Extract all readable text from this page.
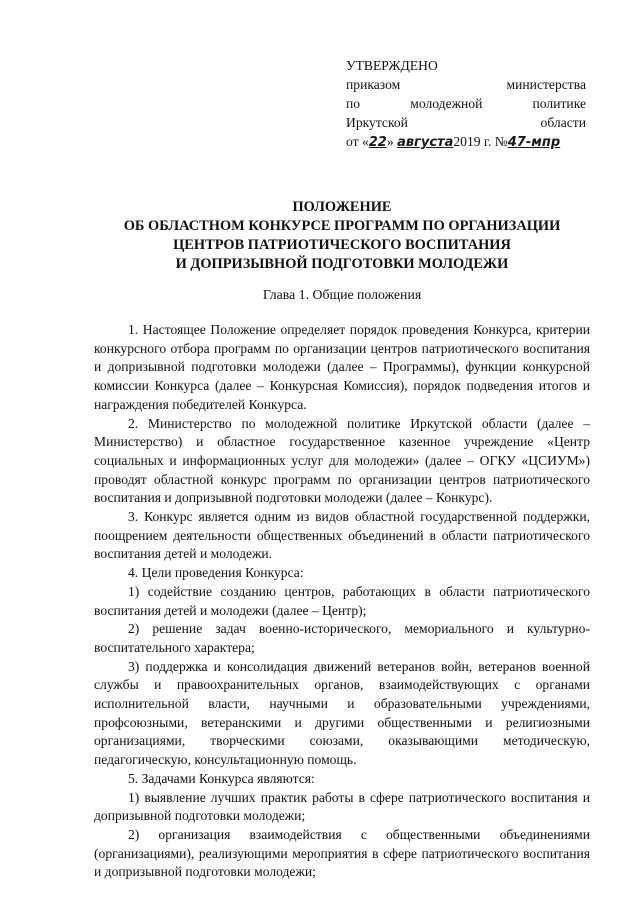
УТВЕРЖДЕНО
приказом министерства
по молодежной политике
Иркутской области
от «22» августа2019 г. №47-мпр
ПОЛОЖЕНИЕ
ОБ ОБЛАСТНОМ КОНКУРСЕ ПРОГРАММ ПО ОРГАНИЗАЦИИ
ЦЕНТРОВ ПАТРИОТИЧЕСКОГО ВОСПИТАНИЯ
И ДОПРИЗЫВНОЙ ПОДГОТОВКИ МОЛОДЕЖИ
Глава 1. Общие положения

1. Настоящее Положение определяет порядок проведения Конкурса, критерии конкурсного отбора программ по организации центров патриотического воспитания и допризывной подготовки молодежи (далее – Программы), функции конкурсной комиссии Конкурса (далее – Конкурсная Комиссия), порядок подведения итогов и награждения победителей Конкурса.

2. Министерство по молодежной политике Иркутской области (далее – Министерство) и областное государственное казенное учреждение «Центр социальных и информационных услуг для молодежи» (далее – ОГКУ «ЦСИУМ») проводят областной конкурс программ по организации центров патриотического воспитания и допризывной подготовки молодежи (далее – Конкурс).

3. Конкурс является одним из видов областной государственной поддержки, поощрением деятельности общественных объединений в области патриотического воспитания детей и молодежи.

4. Цели проведения Конкурса:

1) содействие созданию центров, работающих в области патриотического воспитания детей и молодежи (далее – Центр);

2) решение задач военно-исторического, мемориального и культурно-воспитательного характера;

3) поддержка и консолидация движений ветеранов войн, ветеранов военной службы и правоохранительных органов, взаимодействующих с органами исполнительной власти, научными и образовательными учреждениями, профсоюзными, ветеранскими и другими общественными и религиозными организациями, творческими союзами, оказывающими методическую, педагогическую, консультационную помощь.

5. Задачами Конкурса являются:

1) выявление лучших практик работы в сфере патриотического воспитания и допризывной подготовки молодежи;

2) организация взаимодействия с общественными объединениями (организациями), реализующими мероприятия в сфере патриотического воспитания и допризывной подготовки молодежи;
